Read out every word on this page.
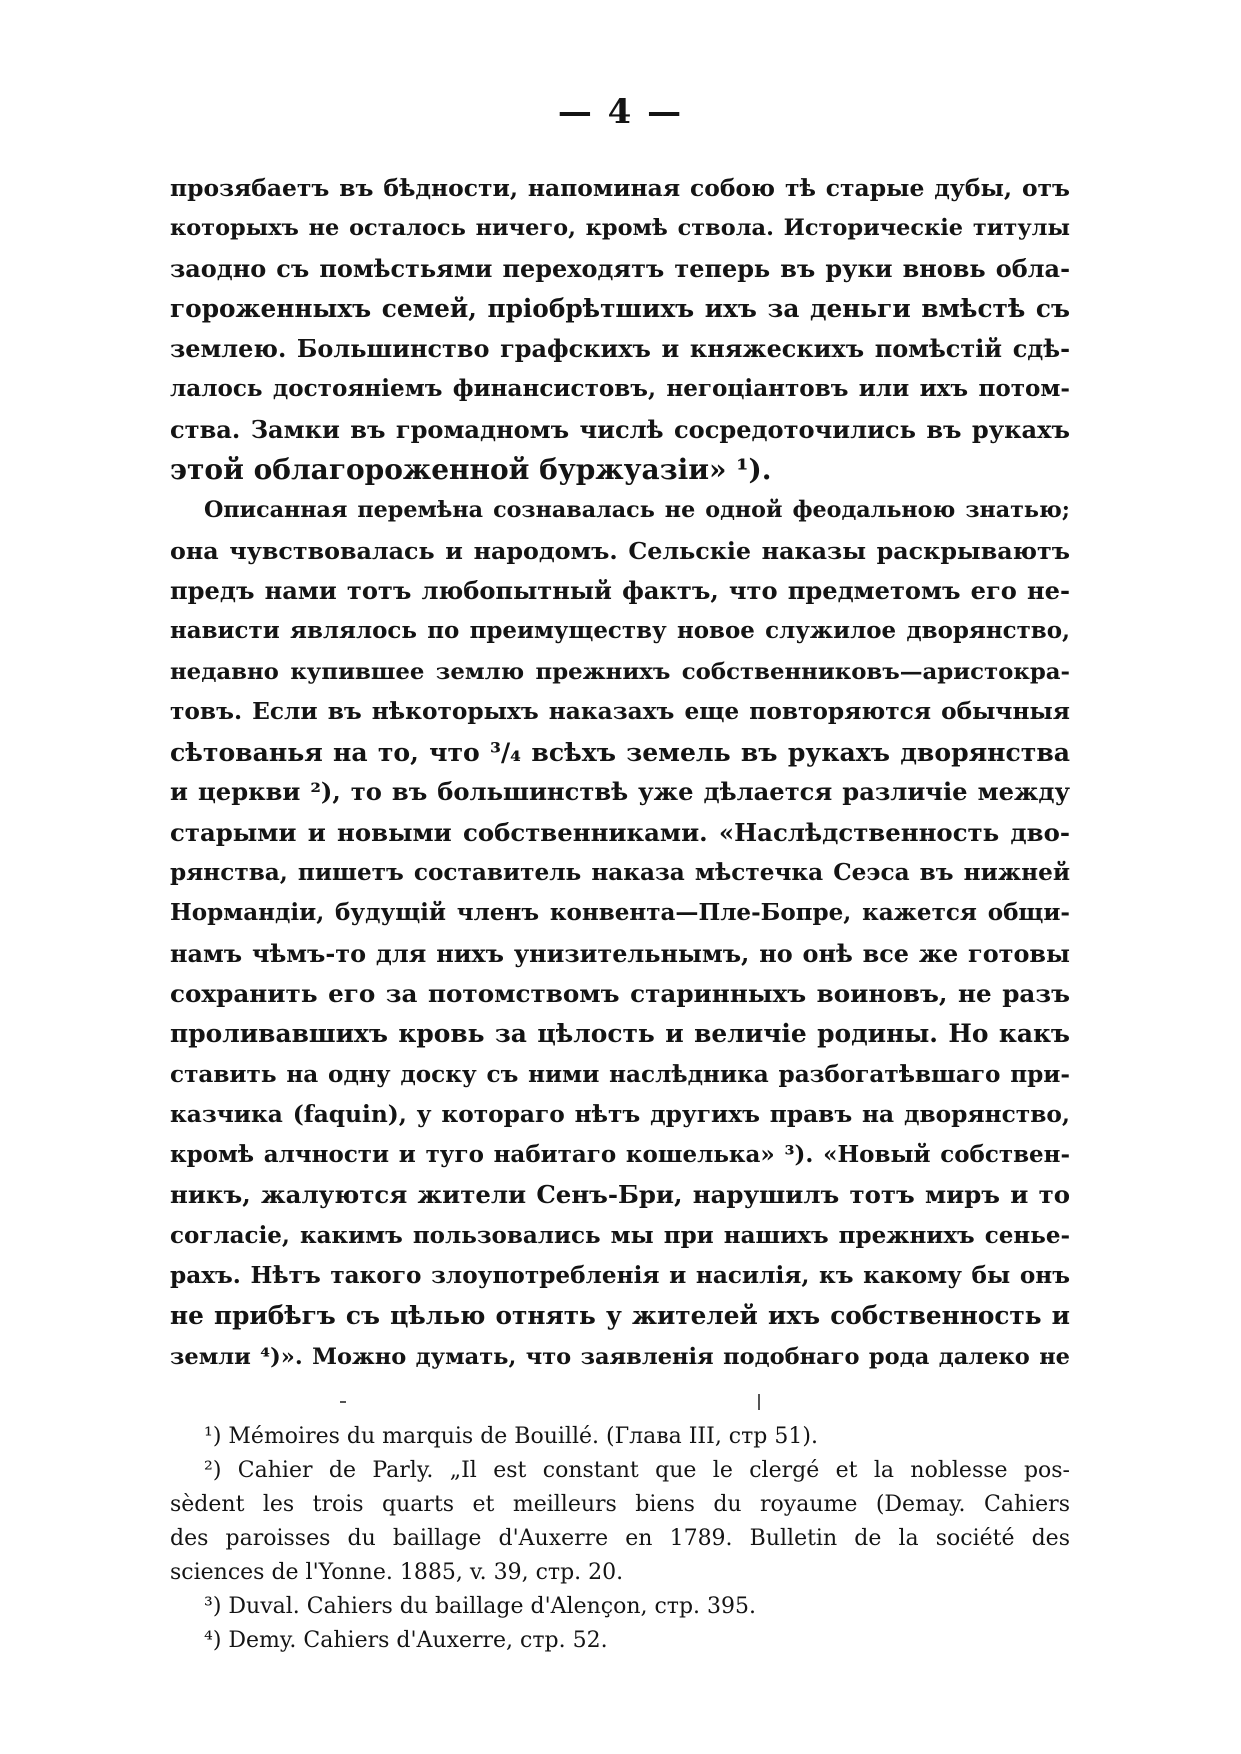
— 4 —
прозябаетъ въ бѣдности, напоминая собою тѣ старые дубы, отъ
которыхъ не осталось ничего, кромѣ ствола. Историческіе титулы
заодно съ помѣстьями переходятъ теперь въ руки вновь обла-
гороженныхъ семей, пріобрѣтшихъ ихъ за деньги вмѣстѣ съ
землею. Большинство графскихъ и княжескихъ помѣстій сдѣ-
лалось достояніемъ финансистовъ, негоціантовъ или ихъ потом-
ства. Замки въ громадномъ числѣ сосредоточились въ рукахъ
этой облагороженной буржуазіи» ¹).
Описанная перемѣна сознавалась не одной феодальною знатью;
она чувствовалась и народомъ. Сельскіе наказы раскрываютъ
предъ нами тотъ любопытный фактъ, что предметомъ его не-
нависти являлось по преимуществу новое служилое дворянство,
недавно купившее землю прежнихъ собственниковъ—аристокра-
товъ. Если въ нѣкоторыхъ наказахъ еще повторяются обычныя
сѣтованья на то, что ³/₄ всѣхъ земель въ рукахъ дворянства
и церкви ²), то въ большинствѣ уже дѣлается различіе между
старыми и новыми собственниками. «Наслѣдственность дво-
рянства, пишетъ составитель наказа мѣстечка Сеэса въ нижней
Нормандіи, будущій членъ конвента—Пле-Бопре, кажется общи-
намъ чѣмъ-то для нихъ унизительнымъ, но онѣ все же готовы
сохранить его за потомствомъ старинныхъ воиновъ, не разъ
проливавшихъ кровь за цѣлость и величіе родины. Но какъ
ставить на одну доску съ ними наслѣдника разбогатѣвшаго при-
казчика (faquin), у котораго нѣтъ другихъ правъ на дворянство,
кромѣ алчности и туго набитаго кошелька» ³). «Новый собствен-
никъ, жалуются жители Сенъ-Бри, нарушилъ тотъ миръ и то
согласіе, какимъ пользовались мы при нашихъ прежнихъ сенье-
рахъ. Нѣтъ такого злоупотребленія и насилія, къ какому бы онъ
не прибѣгъ съ цѣлью отнять у жителей ихъ собственность и
земли ⁴)». Можно думать, что заявленія подобнаго рода далеко не
¹) Mémoires du marquis de Bouillé. (Глава III, стр 51).
²) Cahier de Parly. „Il est constant que le clergé et la noblesse pos-
sèdent les trois quarts et meilleurs biens du royaume (Demay. Cahiers
des paroisses du baillage d'Auxerre en 1789. Bulletin de la société des
sciences de l'Yonne. 1885, v. 39, стр. 20.
³) Duval. Cahiers du baillage d'Alençon, стр. 395.
⁴) Demy. Cahiers d'Auxerre, стр. 52.
